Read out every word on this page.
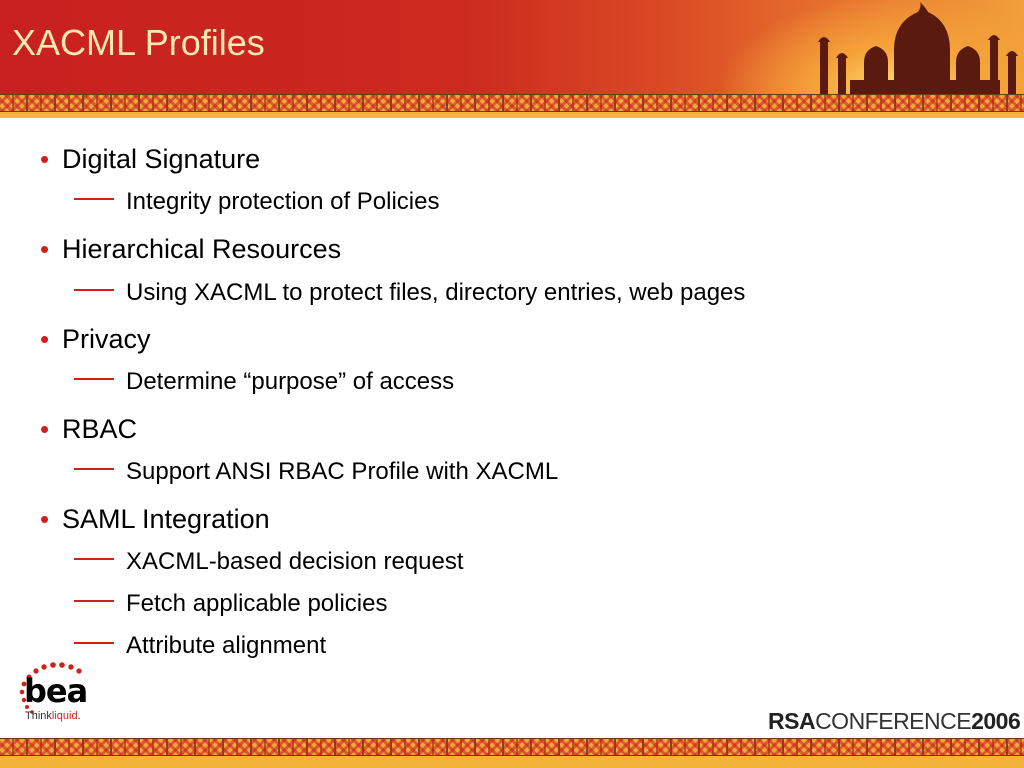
XACML Profiles
• Digital Signature
Integrity protection of Policies
• Hierarchical Resources
Using XACML to protect files, directory entries, web pages
• Privacy
Determine “purpose” of access
• RBAC
Support ANSI RBAC Profile with XACML
• SAML Integration
XACML-based decision request
Fetch applicable policies
Attribute alignment
bea
Thinkliquid.	RSACONFERENCE2006
